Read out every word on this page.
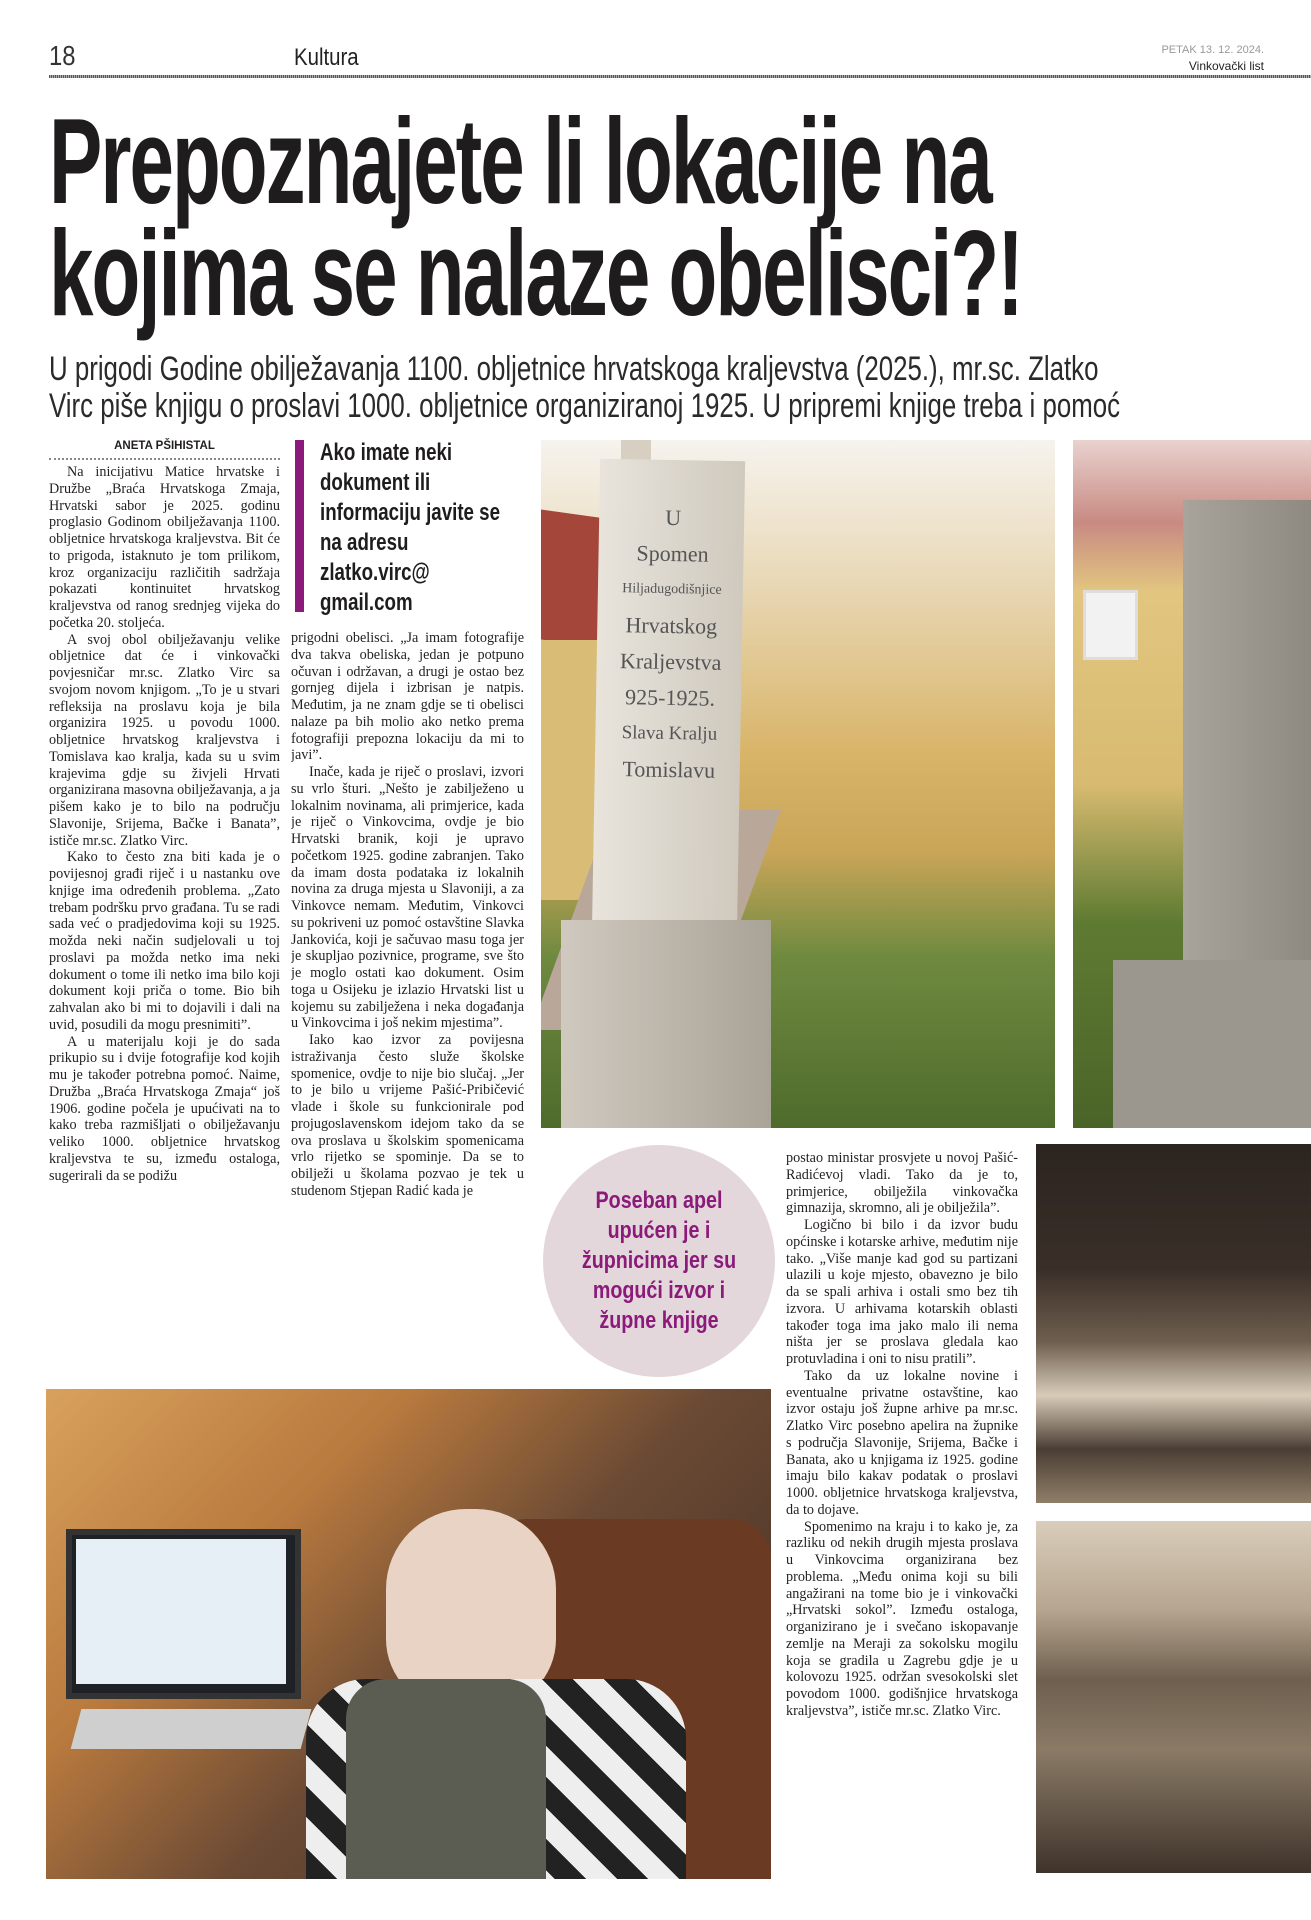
18	Kultura	PETAK 13. 12. 2024.
Vinkovački list
Prepoznajete li lokacije na
kojima se nalaze obelisci?!
U prigodi Godine obilježavanja 1100. obljetnice hrvatskoga kraljevstva (2025.), mr.sc. Zlatko
Virc piše knjigu o proslavi 1000. obljetnice organiziranoj 1925. U pripremi knjige treba i pomoć
ANETA PŠIHISTAL

Na inicijativu Matice hrvatske i Družbe „Braća Hrvatskoga Zmaja, Hrvatski sabor je 2025. godinu proglasio Godinom obilježavanja 1100. obljetnice hrvatskoga kraljevstva. Bit će to prigoda, istaknuto je tom prilikom, kroz organizaciju različitih sadržaja pokazati kontinuitet hrvatskog kraljevstva od ranog srednjeg vijeka do početka 20. stoljeća.

A svoj obol obilježavanju velike obljetnice dat će i vinkovački povjesničar mr.sc. Zlatko Virc sa svojom novom knjigom. „To je u stvari refleksija na proslavu koja je bila organizira 1925. u povodu 1000. obljetnice hrvatskog kraljevstva i Tomislava kao kralja, kada su u svim krajevima gdje su živjeli Hrvati organizirana masovna obilježavanja, a ja pišem kako je to bilo na području Slavonije, Srijema, Bačke i Banata”, ističe mr.sc. Zlatko Virc.

Kako to često zna biti kada je o povijesnoj građi riječ i u nastanku ove knjige ima određenih problema. „Zato trebam podršku prvo građana. Tu se radi sada već o pradjedovima koji su 1925. možda neki način sudjelovali u toj proslavi pa možda netko ima neki dokument o tome ili netko ima bilo koji dokument koji priča o tome. Bio bih zahvalan ako bi mi to dojavili i dali na uvid, posudili da mogu presnimiti”.

A u materijalu koji je do sada prikupio su i dvije fotografije kod kojih mu je također potrebna pomoć. Naime, Družba „Braća Hrvatskoga Zmaja“ još 1906. godine počela je upućivati na to kako treba razmišljati o obilježavanju veliko 1000. obljetnice hrvatskog kraljevstva te su, između ostaloga, sugerirali da se podižu

Ako imate neki dokument ili informaciju javite se na adresu zlatko.virc@ gmail.com

prigodni obelisci. „Ja imam fotografije dva takva obeliska, jedan je potpuno očuvan i održavan, a drugi je ostao bez gornjeg dijela i izbrisan je natpis. Međutim, ja ne znam gdje se ti obelisci nalaze pa bih molio ako netko prema fotografiji prepozna lokaciju da mi to javi”.

Inače, kada je riječ o proslavi, izvori su vrlo šturi. „Nešto je zabilježeno u lokalnim novinama, ali primjerice, kada je riječ o Vinkovcima, ovdje je bio Hrvatski branik, koji je upravo početkom 1925. godine zabranjen. Tako da imam dosta podataka iz lokalnih novina za druga mjesta u Slavoniji, a za Vinkovce nemam. Međutim, Vinkovci su pokriveni uz pomoć ostavštine Slavka Jankovića, koji je sačuvao masu toga jer je skupljao pozivnice, programe, sve što je moglo ostati kao dokument. Osim toga u Osijeku je izlazio Hrvatski list u kojemu su zabilježena i neka događanja u Vinkovcima i još nekim mjestima”.

Iako kao izvor za povijesna istraživanja često služe školske spomenice, ovdje to nije bio slučaj. „Jer to je bilo u vrijeme Pašić-Pribičević vlade i škole su funkcionirale pod projugoslavenskom idejom tako da se ova proslava u školskim spomenicama vrlo rijetko se spominje. Da se to obilježi u školama pozvao je tek u studenom Stjepan Radić kada je

U
Spomen
Hiljadugodišnjice
Hrvatskog
Kraljevstva
925-1925.
Slava Kralju
Tomislavu
Poseban apel upućen je i župnicima jer su mogući izvor i župne knjige

postao ministar prosvjete u novoj Pašić-Radićevoj vladi. Tako da je to, primjerice, obilježila vinkovačka gimnazija, skromno, ali je obilježila”.

Logično bi bilo i da izvor budu općinske i kotarske arhive, međutim nije tako. „Više manje kad god su partizani ulazili u koje mjesto, obavezno je bilo da se spali arhiva i ostali smo bez tih izvora. U arhivama kotarskih oblasti također toga ima jako malo ili nema ništa jer se proslava gledala kao protuvladina i oni to nisu pratili”.

Tako da uz lokalne novine i eventualne privatne ostavštine, kao izvor ostaju još župne arhive pa mr.sc. Zlatko Virc posebno apelira na župnike s područja Slavonije, Srijema, Bačke i Banata, ako u knjigama iz 1925. godine imaju bilo kakav podatak o proslavi 1000. obljetnice hrvatskoga kraljevstva, da to dojave.

Spomenimo na kraju i to kako je, za razliku od nekih drugih mjesta proslava u Vinkovcima organizirana bez problema. „Među onima koji su bili angažirani na tome bio je i vinkovački „Hrvatski sokol”. Između ostaloga, organizirano je i svečano iskopavanje zemlje na Meraji za sokolsku mogilu koja se gradila u Zagrebu gdje je u kolovozu 1925. održan svesokolski slet povodom 1000. godišnjice hrvatskoga kraljevstva”, ističe mr.sc. Zlatko Virc.
